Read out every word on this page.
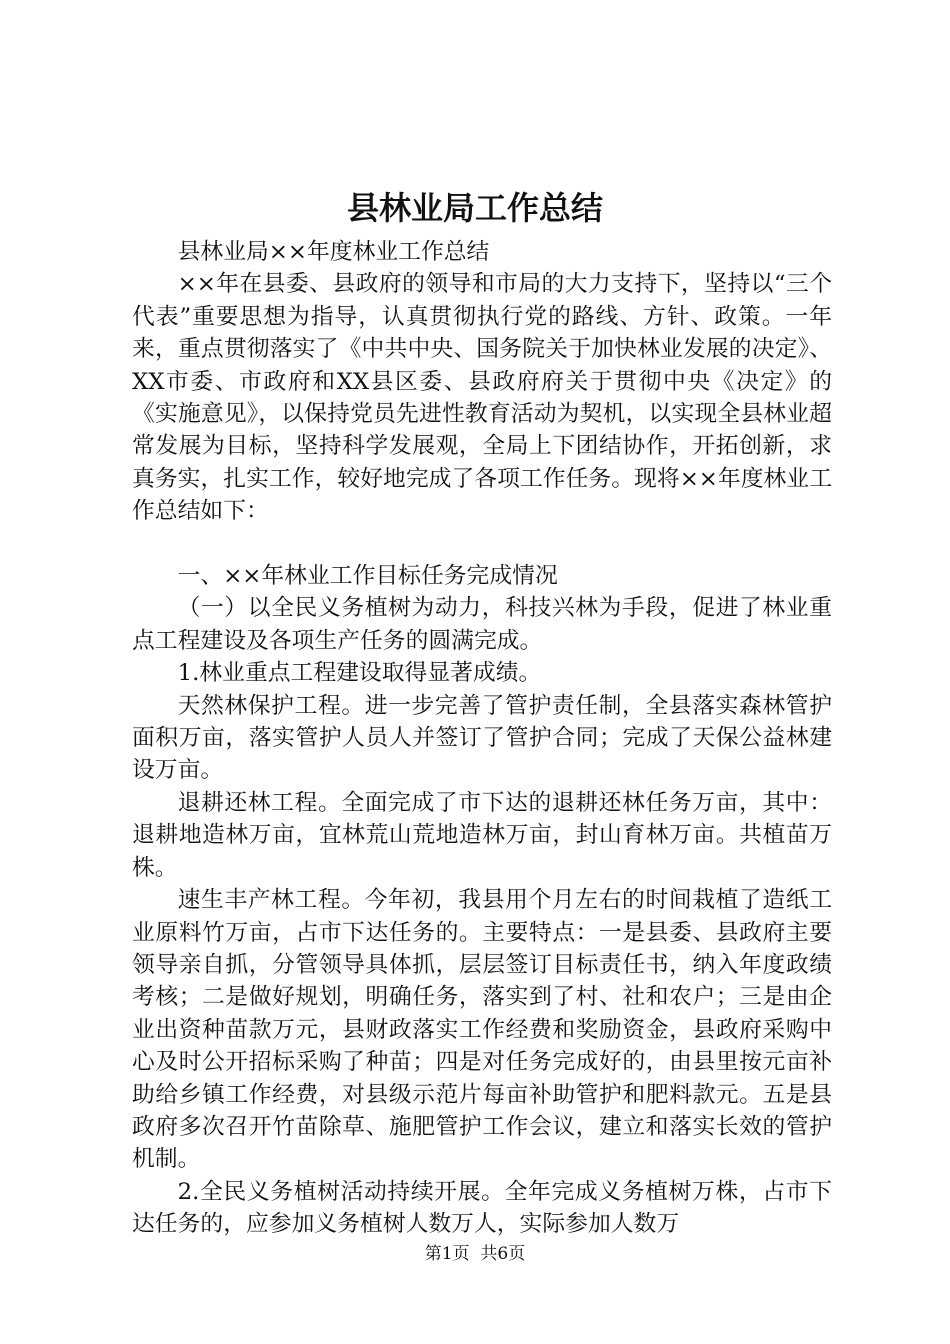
县林业局工作总结

县林业局××年度林业工作总结

××年在县委、县政府的领导和市局的大力支持下，坚持以“三个代表”重要思想为指导，认真贯彻执行党的路线、方针、政策。一年来，重点贯彻落实了《中共中央、国务院关于加快林业发展的决定》、XX市委、市政府和XX县区委、县政府府关于贯彻中央《决定》的《实施意见》，以保持党员先进性教育活动为契机，以实现全县林业超常发展为目标，坚持科学发展观，全局上下团结协作，开拓创新，求真务实，扎实工作，较好地完成了各项工作任务。现将××年度林业工作总结如下：

一、××年林业工作目标任务完成情况

（一）以全民义务植树为动力，科技兴林为手段，促进了林业重点工程建设及各项生产任务的圆满完成。

1.林业重点工程建设取得显著成绩。

天然林保护工程。进一步完善了管护责任制，全县落实森林管护面积万亩，落实管护人员人并签订了管护合同；完成了天保公益林建设万亩。

退耕还林工程。全面完成了市下达的退耕还林任务万亩，其中：退耕地造林万亩，宜林荒山荒地造林万亩，封山育林万亩。共植苗万株。

速生丰产林工程。今年初，我县用个月左右的时间栽植了造纸工业原料竹万亩，占市下达任务的。主要特点：一是县委、县政府主要领导亲自抓，分管领导具体抓，层层签订目标责任书，纳入年度政绩考核；二是做好规划，明确任务，落实到了村、社和农户；三是由企业出资种苗款万元，县财政落实工作经费和奖励资金，县政府采购中心及时公开招标采购了种苗；四是对任务完成好的，由县里按元亩补助给乡镇工作经费，对县级示范片每亩补助管护和肥料款元。五是县政府多次召开竹苗除草、施肥管护工作会议，建立和落实长效的管护机制。

2.全民义务植树活动持续开展。全年完成义务植树万株，占市下达任务的，应参加义务植树人数万人，实际参加人数万

第1页 共6页
